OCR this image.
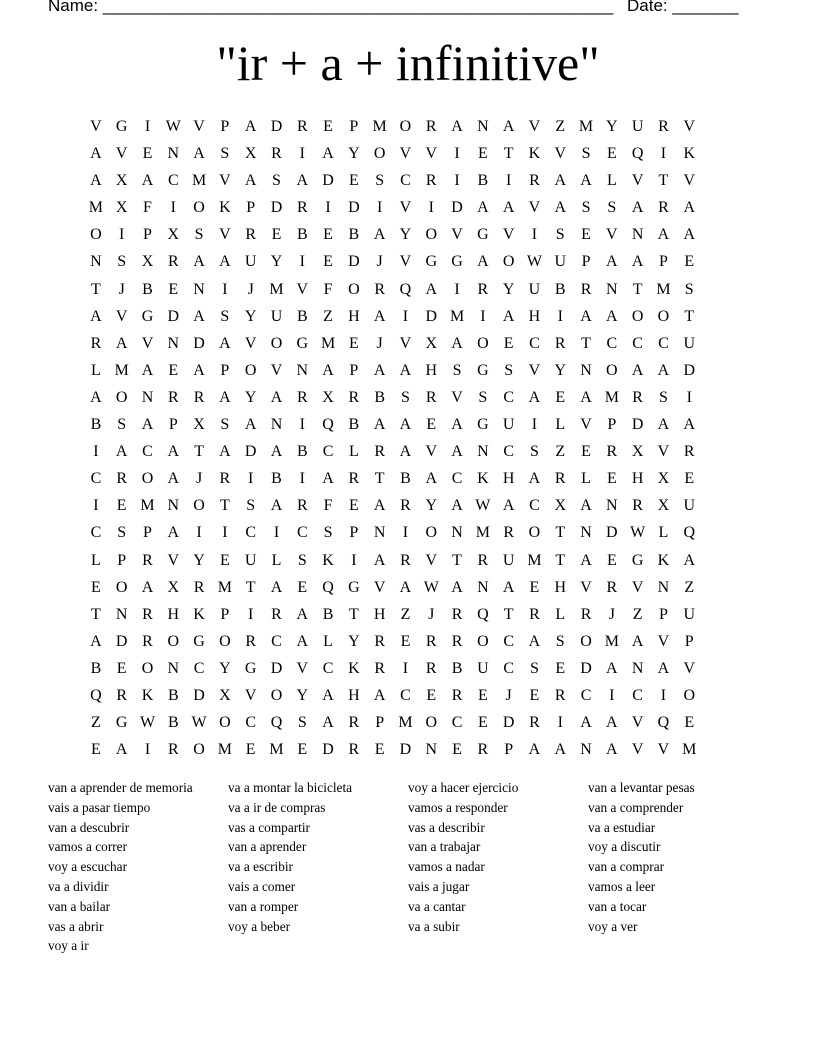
Name: ______________________________________________________ Date: _______
"ir + a + infinitive"
V G I W V P A D R E P M O R A N A V Z M Y U R V
A V E N A S X R I A Y O V V I E T K V S E Q I K
A X A C M V A S A D E S C R I B I R A A L V T V
M X F I O K P D R I D I V I D A A V A S S A R A
O I P X S V R E B E B A Y O V G V I S E V N A A
N S X R A A U Y I E D J V G G A O W U P A A P E
T J B E N I J M V F O R Q A I R Y U B R N T M S
A V G D A S Y U B Z H A I D M I A H I A A O O T
R A V N D A V O G M E J V X A O E C R T C C C U
L M A E A P O V N A P A A H S G S V Y N O A A D
A O N R R A Y A R X R B S R V S C A E A M R S I
B S A P X S A N I Q B A A E A G U I L V P D A A
I A C A T A D A B C L R A V A N C S Z E R X V R
C R O A J R I B I A R T B A C K H A R L E H X E
I E M N O T S A R F E A R Y A W A C X A N R X U
C S P A I I C I C S P N I O N M R O T N D W L Q
L P R V Y E U L S K I A R V T R U M T A E G K A
E O A X R M T A E Q G V A W A N A E H V R V N Z
T N R H K P I R A B T H Z J R Q T R L R J Z P U
A D R O G O R C A L Y R E R R O C A S O M A V P
B E O N C Y G D V C K R I R B U C S E D A N A V
Q R K B D X V O Y A H A C E R E J E R C I C I O
Z G W B W O C Q S A R P M O C E D R I A A V Q E
E A I R O M E M E D R E D N E R P A A N A V V M
van a aprender de memoria
vais a pasar tiempo
van a descubrir
vamos a correr
voy a escuchar
va a dividir
van a bailar
vas a abrir
voy a ir
va a montar la bicicleta
va a ir de compras
vas a compartir
van a aprender
va a escribir
vais a comer
van a romper
voy a beber
voy a hacer ejercicio
vamos a responder
vas a describir
van a trabajar
vamos a nadar
vais a jugar
va a cantar
va a subir
van a levantar pesas
van a comprender
va a estudiar
voy a discutir
van a comprar
vamos a leer
van a tocar
voy a ver
